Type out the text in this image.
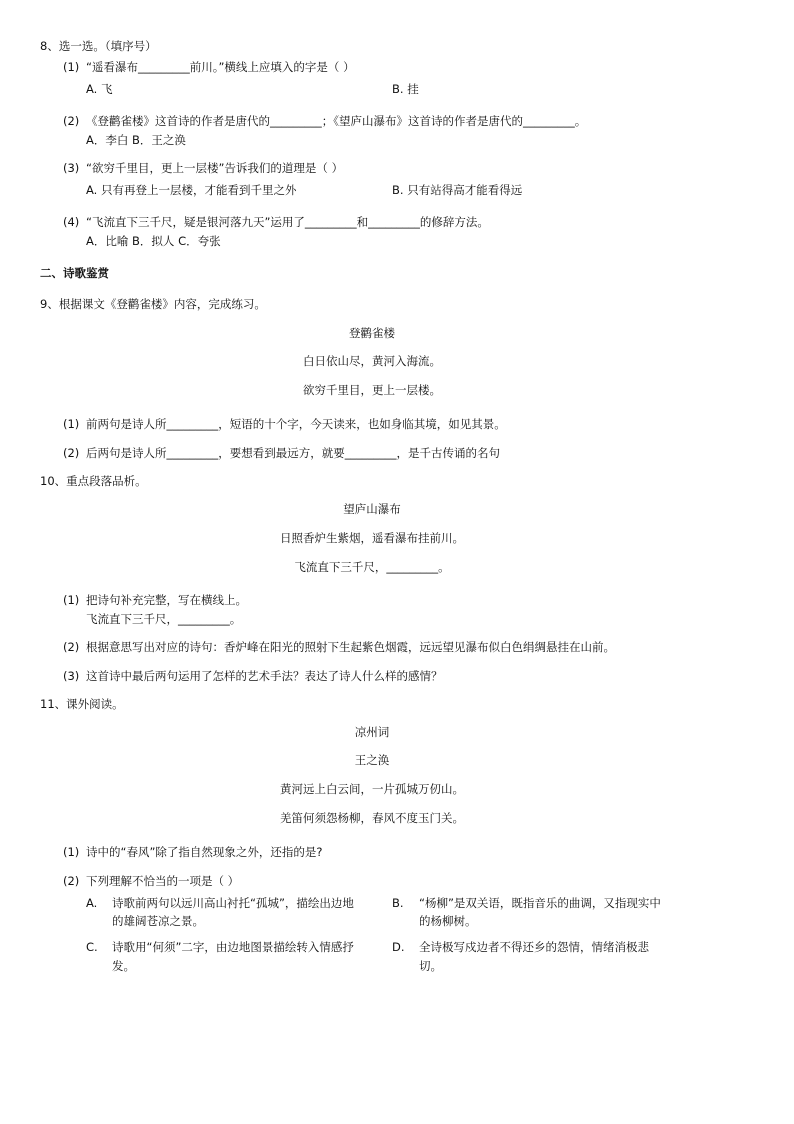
8、选一选。（填序号）
(1) “遥看瀑布_________前川。”横线上应填入的字是（ ）
A. 飞	B. 挂
(2) 《登鹳雀楼》这首诗的作者是唐代的_________；《望庐山瀑布》这首诗的作者是唐代的_________。
A．李白 B．王之涣
(3) “欲穷千里目，更上一层楼”告诉我们的道理是（ ）
A. 只有再登上一层楼，才能看到千里之外	B. 只有站得高才能看得远
(4) “飞流直下三千尺，疑是银河落九天”运用了_________和_________的修辞方法。
A．比喻 B．拟人 C．夸张
二、诗歌鉴赏
9、根据课文《登鹳雀楼》内容，完成练习。
登鹳雀楼
白日依山尽，黄河入海流。
欲穷千里目，更上一层楼。
(1) 前两句是诗人所_________，短语的十个字，今天读来，也如身临其境，如见其景。
(2) 后两句是诗人所_________，要想看到最远方，就要_________，是千古传诵的名句
10、重点段落品析。
望庐山瀑布
日照香炉生紫烟，遥看瀑布挂前川。
飞流直下三千尺，_________。
(1) 把诗句补充完整，写在横线上。
飞流直下三千尺，_________。
(2) 根据意思写出对应的诗句：香炉峰在阳光的照射下生起紫色烟霞，远远望见瀑布似白色绢绸悬挂在山前。
(3) 这首诗中最后两句运用了怎样的艺术手法？表达了诗人什么样的感情？
11、课外阅读。
凉州词
王之涣
黄河远上白云间，一片孤城万仞山。
羌笛何须怨杨柳，春风不度玉门关。
(1) 诗中的“春风”除了指自然现象之外，还指的是?
(2) 下列理解不恰当的一项是（ ）
A. 诗歌前两句以远川高山衬托“孤城”，描绘出边地
的雄阔苍凉之景。
B. “杨柳”是双关语，既指音乐的曲调，又指现实中
的杨柳树。
C. 诗歌用“何须”二字，由边地图景描绘转入情感抒
发。
D. 全诗极写戍边者不得还乡的怨情，情绪消极悲
切。
